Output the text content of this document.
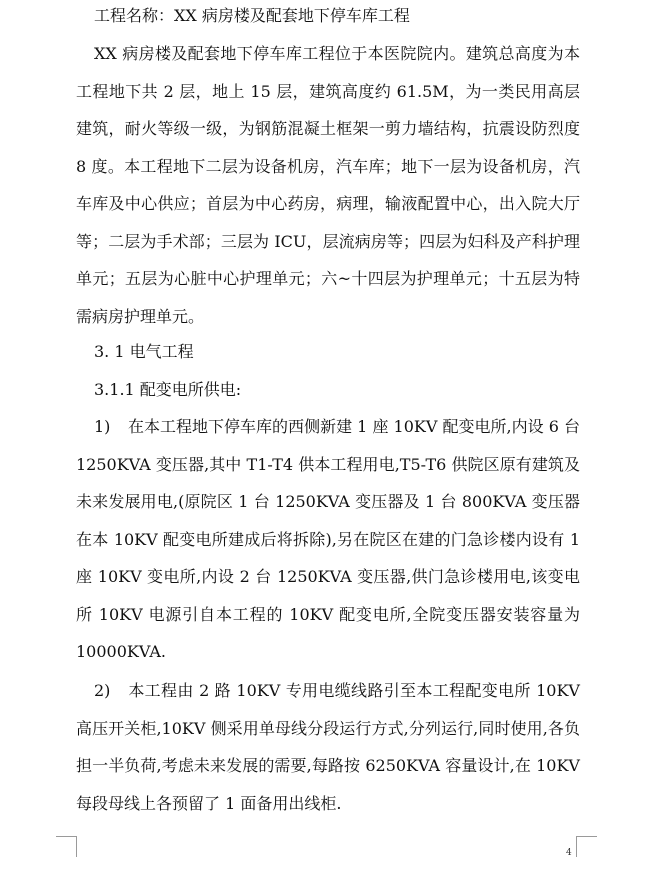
工程名称：XX 病房楼及配套地下停车库工程
XX 病房楼及配套地下停车库工程位于本医院院内。建筑总高度为本工程地下共 2 层，地上 15 层，建筑高度约 61.5M，为一类民用高层建筑，耐火等级一级，为钢筋混凝土框架一剪力墙结构，抗震设防烈度 8 度。本工程地下二层为设备机房，汽车库；地下一层为设备机房，汽车库及中心供应；首层为中心药房，病理，输液配置中心，出入院大厅等；二层为手术部；三层为 ICU，层流病房等；四层为妇科及产科护理单元；五层为心脏中心护理单元；六~十四层为护理单元；十五层为特需病房护理单元。
3. 1 电气工程
3.1.1 配变电所供电:
1) 在本工程地下停车库的西侧新建 1 座 10KV 配变电所,内设 6 台 1250KVA 变压器,其中 T1-T4 供本工程用电,T5-T6 供院区原有建筑及未来发展用电,(原院区 1 台 1250KVA 变压器及 1 台 800KVA 变压器在本 10KV 配变电所建成后将拆除),另在院区在建的门急诊楼内设有 1 座 10KV 变电所,内设 2 台 1250KVA 变压器,供门急诊楼用电,该变电所 10KV 电源引自本工程的 10KV 配变电所,全院变压器安装容量为 10000KVA.
2) 本工程由 2 路 10KV 专用电缆线路引至本工程配变电所 10KV 高压开关柜,10KV 侧采用单母线分段运行方式,分列运行,同时使用,各负担一半负荷,考虑未来发展的需要,每路按 6250KVA 容量设计,在 10KV 每段母线上各预留了 1 面备用出线柜.
4
